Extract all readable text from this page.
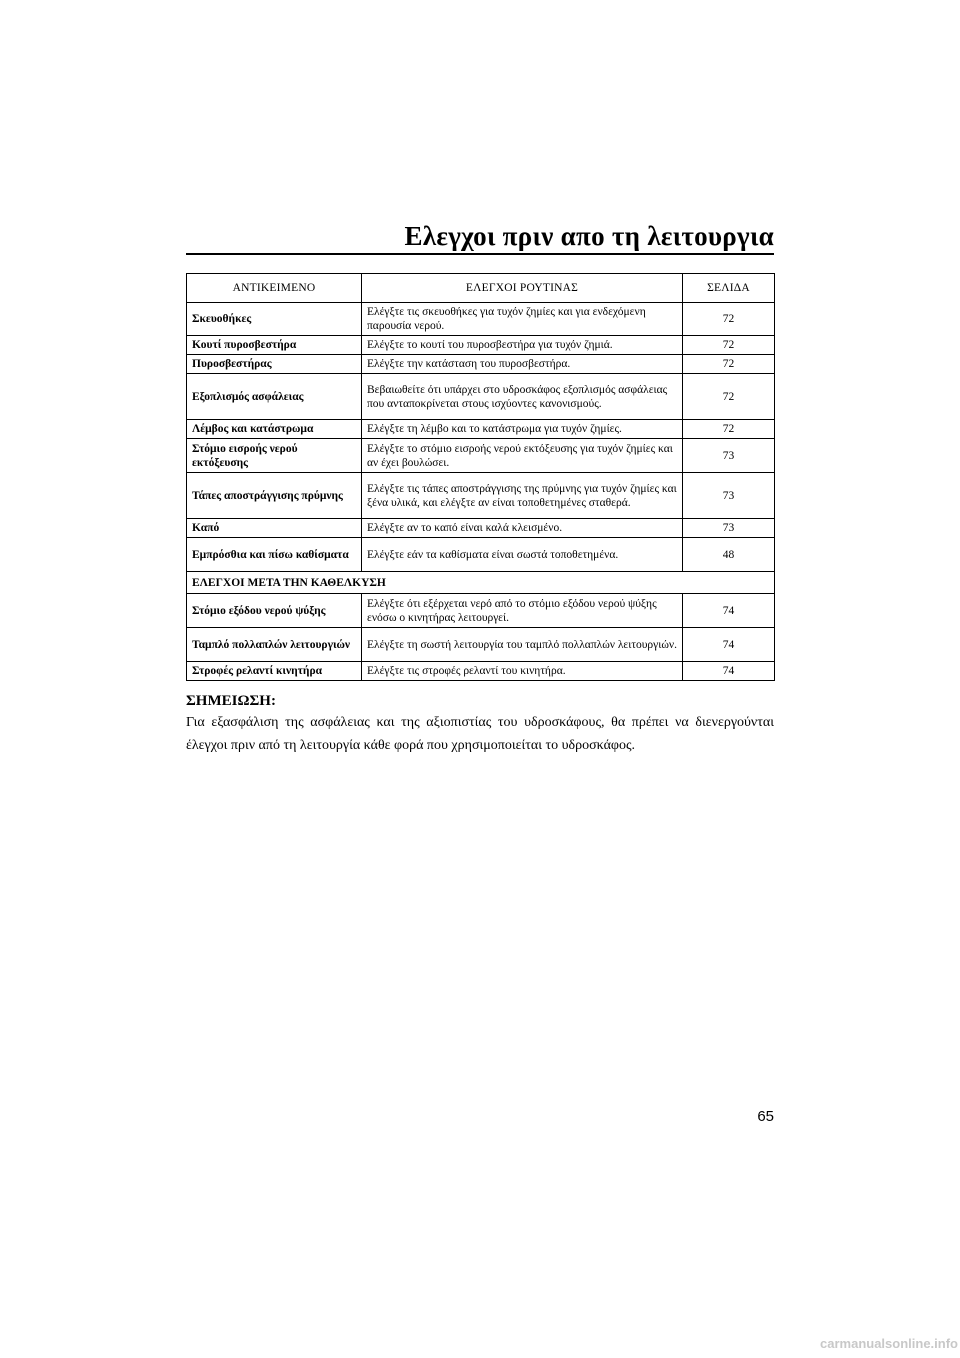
Ελεγχοι πριν απο τη λειτουργια
ΑΝΤΙΚΕΙΜΕΝΟ	ΕΛΕΓΧΟΙ ΡΟΥΤΙΝΑΣ	ΣΕΛΙΔΑ
Σκευοθήκες	Ελέγξτε τις σκευοθήκες για τυχόν ζημίες και για ενδεχόμενη παρουσία νερού.	72
Κουτί πυροσβεστήρα	Ελέγξτε το κουτί του πυροσβεστήρα για τυχόν ζημιά.	72
Πυροσβεστήρας	Ελέγξτε την κατάσταση του πυροσβεστήρα.	72
Εξοπλισμός ασφάλειας	Βεβαιωθείτε ότι υπάρχει στο υδροσκάφος εξοπλισμός ασφάλειας που ανταποκρίνεται στους ισχύοντες κανονισμούς.	72
Λέμβος και κατάστρωμα	Ελέγξτε τη λέμβο και το κατάστρωμα για τυχόν ζημίες.	72
Στόμιο εισροής νερού εκτόξευσης	Ελέγξτε το στόμιο εισροής νερού εκτόξευσης για τυχόν ζημίες και αν έχει βουλώσει.	73
Τάπες αποστράγγισης πρύμνης	Ελέγξτε τις τάπες αποστράγγισης της πρύμνης για τυχόν ζημίες και ξένα υλικά, και ελέγξτε αν είναι τοποθετημένες σταθερά.	73
Καπό	Ελέγξτε αν το καπό είναι καλά κλεισμένο.	73
Εμπρόσθια και πίσω καθίσματα	Ελέγξτε εάν τα καθίσματα είναι σωστά τοποθετημένα.	48
ΕΛΕΓΧΟΙ ΜΕΤΑ ΤΗΝ ΚΑΘΕΛΚΥΣΗ		
Στόμιο εξόδου νερού ψύξης	Ελέγξτε ότι εξέρχεται νερό από το στόμιο εξόδου νερού ψύξης ενόσω ο κινητήρας λειτουργεί.	74
Ταμπλό πολλαπλών λειτουργιών	Ελέγξτε τη σωστή λειτουργία του ταμπλό πολλαπλών λειτουργιών.	74
Στροφές ρελαντί κινητήρα	Ελέγξτε τις στροφές ρελαντί του κινητήρα.	74
ΣΗΜΕΙΩΣΗ:
Για εξασφάλιση της ασφάλειας και της αξιοπιστίας του υδροσκάφους, θα πρέπει να διενεργούνται έλεγχοι πριν από τη λειτουργία κάθε φορά που χρησιμοποιείται το υδροσκάφος.
65
carmanualsonline.info
